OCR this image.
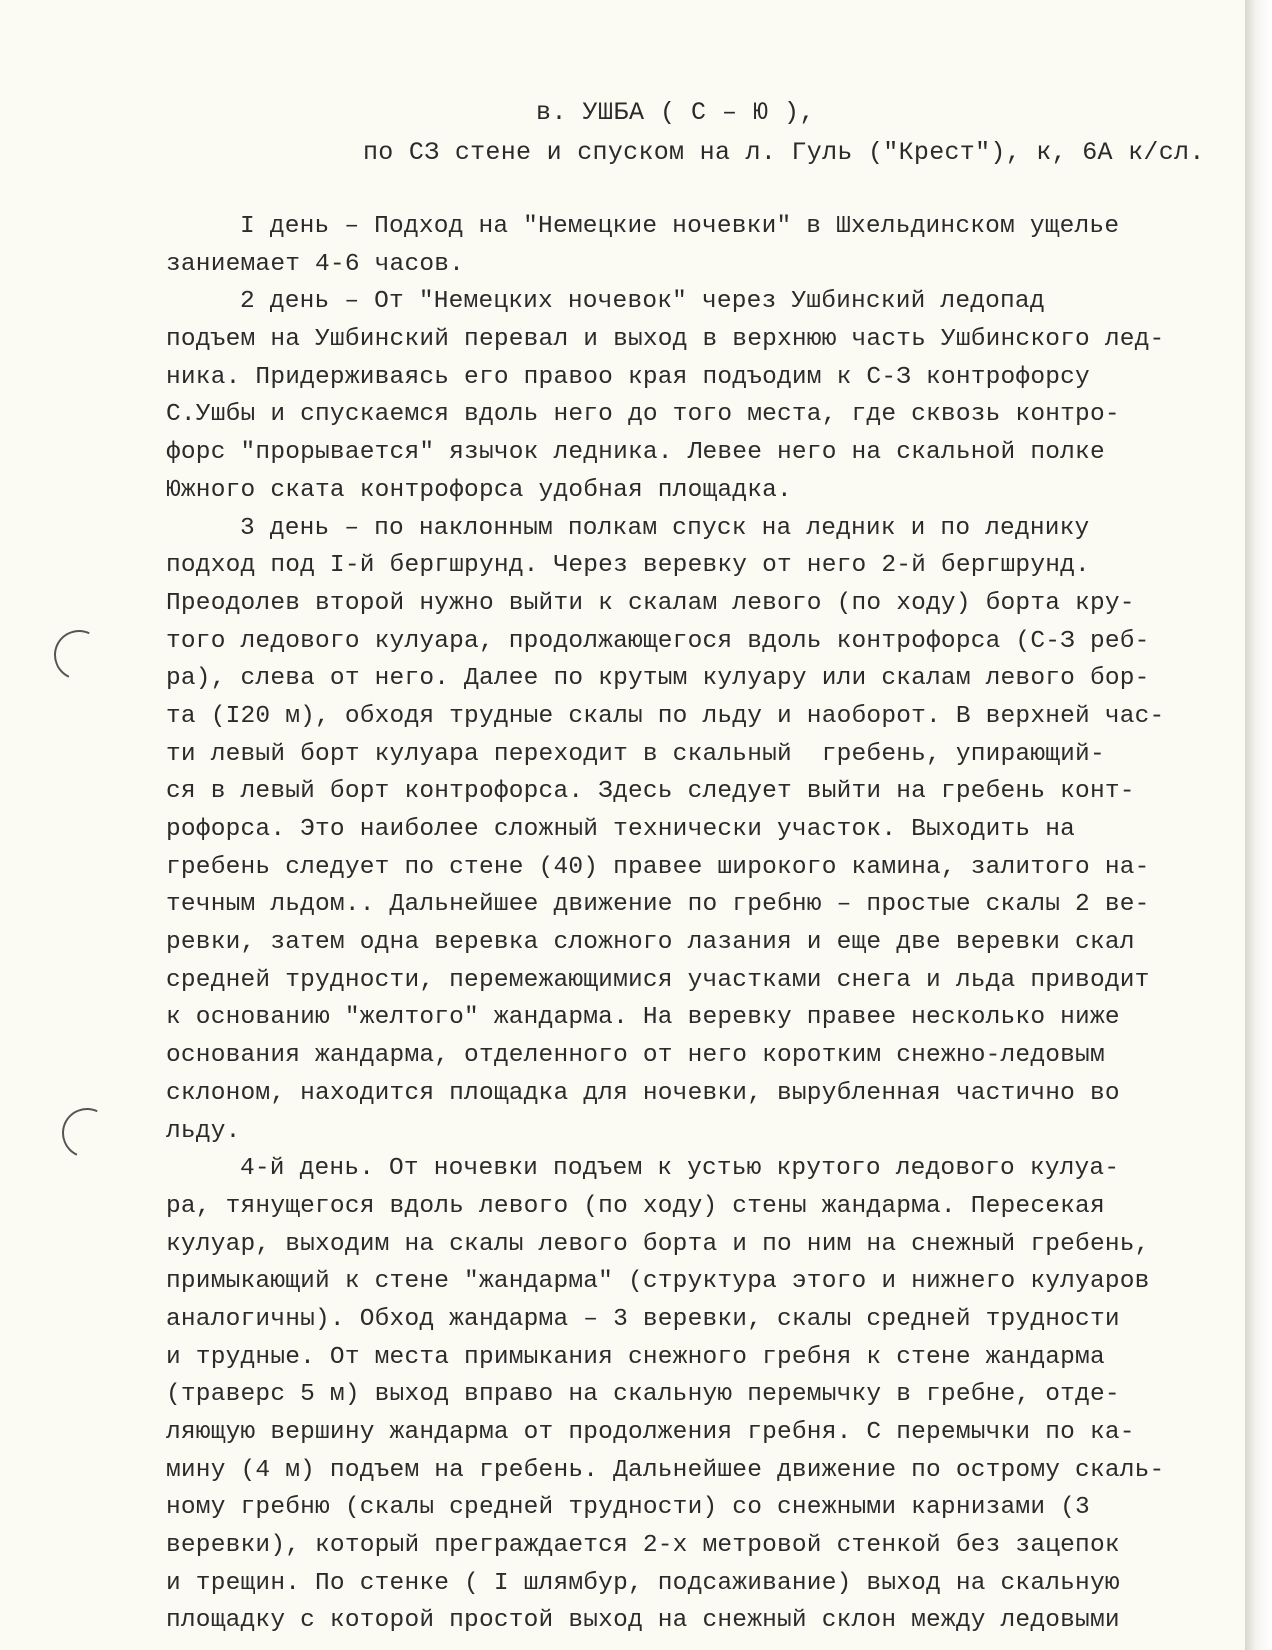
в. УШБА ( С – Ю ),
по СЗ стене и спуском на л. Гуль ("Крест"), к, 6А к/сл.
I день – Подход на "Немецкие ночевки" в Шхельдинском ущелье
заниемает 4-6 часов.
2 день – От "Немецких ночевок" через Ушбинский ледопад
подъем на Ушбинский перевал и выход в верхнюю часть Ушбинского лед-
ника. Придерживаясь его правоо края подъодим к С-З контрофорсу
С.Ушбы и спускаемся вдоль него до того места, где сквозь контро-
форс "прорывается" язычок ледника. Левее него на скальной полке
Южного ската контрофорса удобная площадка.
3 день – по наклонным полкам спуск на ледник и по леднику
подход под I-й бергшрунд. Через веревку от него 2-й бергшрунд.
Преодолев второй нужно выйти к скалам левого (по ходу) борта кру-
того ледового кулуара, продолжающегося вдоль контрофорса (С-З реб-
ра), слева от него. Далее по крутым кулуару или скалам левого бор-
та (I20 м), обходя трудные скалы по льду и наоборот. В верхней час-
ти левый борт кулуара переходит в скальный  гребень, упирающий-
ся в левый борт контрофорса. Здесь следует выйти на гребень конт-
рофорса. Это наиболее сложный технически участок. Выходить на
гребень следует по стене (40) правее широкого камина, залитого на-
течным льдом.. Дальнейшее движение по гребню – простые скалы 2 ве-
ревки, затем одна веревка сложного лазания и еще две веревки скал
средней трудности, перемежающимися участками снега и льда приводит
к основанию "желтого" жандарма. На веревку правее несколько ниже
основания жандарма, отделенного от него коротким снежно-ледовым
склоном, находится площадка для ночевки, вырубленная частично во
льду.
4-й день. От ночевки подъем к устью крутого ледового кулуа-
ра, тянущегося вдоль левого (по ходу) стены жандарма. Пересекая
кулуар, выходим на скалы левого борта и по ним на снежный гребень,
примыкающий к стене "жандарма" (структура этого и нижнего кулуаров
аналогичны). Обход жандарма – 3 веревки, скалы средней трудности
и трудные. От места примыкания снежного гребня к стене жандарма
(траверс 5 м) выход вправо на скальную перемычку в гребне, отде-
ляющую вершину жандарма от продолжения гребня. С перемычки по ка-
мину (4 м) подъем на гребень. Дальнейшее движение по острому скаль-
ному гребню (скалы средней трудности) со снежными карнизами (3
веревки), который преграждается 2-х метровой стенкой без зацепок
и трещин. По стенке ( I шлямбур, подсаживание) выход на скальную
площадку с которой простой выход на снежный склон между ледовыми
